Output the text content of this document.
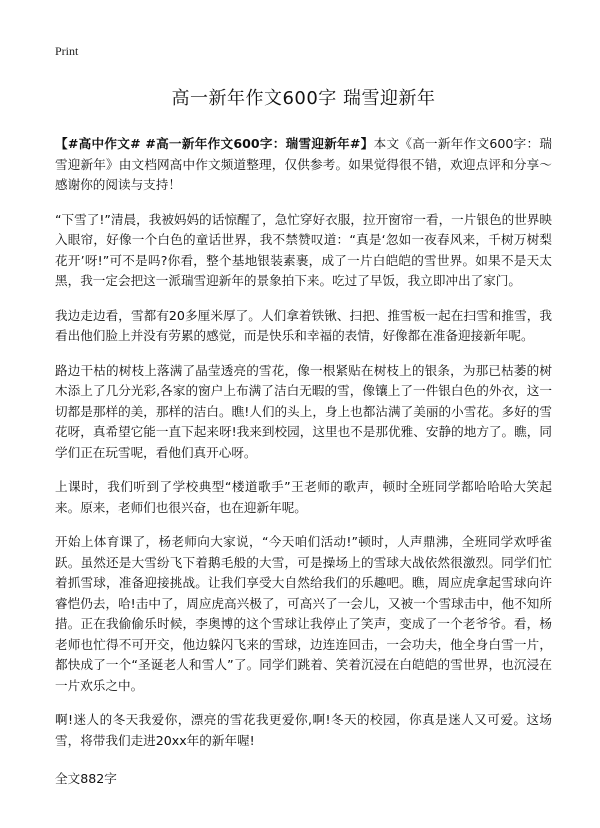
Print
高一新年作文600字 瑞雪迎新年

【#高中作文# #高一新年作文600字：瑞雪迎新年#】本文《高一新年作文600字：瑞雪迎新年》由文档网高中作文频道整理，仅供参考。如果觉得很不错，欢迎点评和分享～感谢你的阅读与支持！

“下雪了!”清晨，我被妈妈的话惊醒了，急忙穿好衣服，拉开窗帘一看，一片银色的世界映入眼帘，好像一个白色的童话世界，我不禁赞叹道：“真是‘忽如一夜春风来，千树万树梨花开’呀!”可不是吗?你看，整个基地银装素裹，成了一片白皑皑的雪世界。如果不是天太黑，我一定会把这一派瑞雪迎新年的景象拍下来。吃过了早饭，我立即冲出了家门。

我边走边看，雪都有20多厘米厚了。人们拿着铁锹、扫把、推雪板一起在扫雪和推雪，我看出他们脸上并没有劳累的感觉，而是快乐和幸福的表情，好像都在准备迎接新年呢。

路边干枯的树枝上落满了晶莹透亮的雪花，像一根紧贴在树枝上的银条，为那已枯萎的树木添上了几分光彩,各家的窗户上布满了洁白无暇的雪，像镶上了一件银白色的外衣，这一切都是那样的美，那样的洁白。瞧!人们的头上，身上也都沾满了美丽的小雪花。多好的雪花呀，真希望它能一直下起来呀!我来到校园，这里也不是那优雅、安静的地方了。瞧，同学们正在玩雪呢，看他们真开心呀。

上课时，我们听到了学校典型“楼道歌手”王老师的歌声，顿时全班同学都哈哈哈大笑起来。原来，老师们也很兴奋，也在迎新年呢。

开始上体育课了，杨老师向大家说，“今天咱们活动!”顿时，人声鼎沸，全班同学欢呼雀跃。虽然还是大雪纷飞下着鹅毛般的大雪，可是操场上的雪球大战依然很激烈。同学们忙着抓雪球，准备迎接挑战。让我们享受大自然给我们的乐趣吧。瞧，周应虎拿起雪球向许睿恺仍去，哈!击中了，周应虎高兴极了，可高兴了一会儿，又被一个雪球击中，他不知所措。正在我偷偷乐时候，李奥博的这个雪球让我停止了笑声，变成了一个老爷爷。看，杨老师也忙得不可开交，他边躲闪飞来的雪球，边连连回击，一会功夫，他全身白雪一片，都快成了一个“圣诞老人和雪人”了。同学们跳着、笑着沉浸在白皑皑的雪世界，也沉浸在一片欢乐之中。

啊!迷人的冬天我爱你，漂亮的雪花我更爱你,啊!冬天的校园，你真是迷人又可爱。这场雪，将带我们走进20xx年的新年喔!

全文882字
